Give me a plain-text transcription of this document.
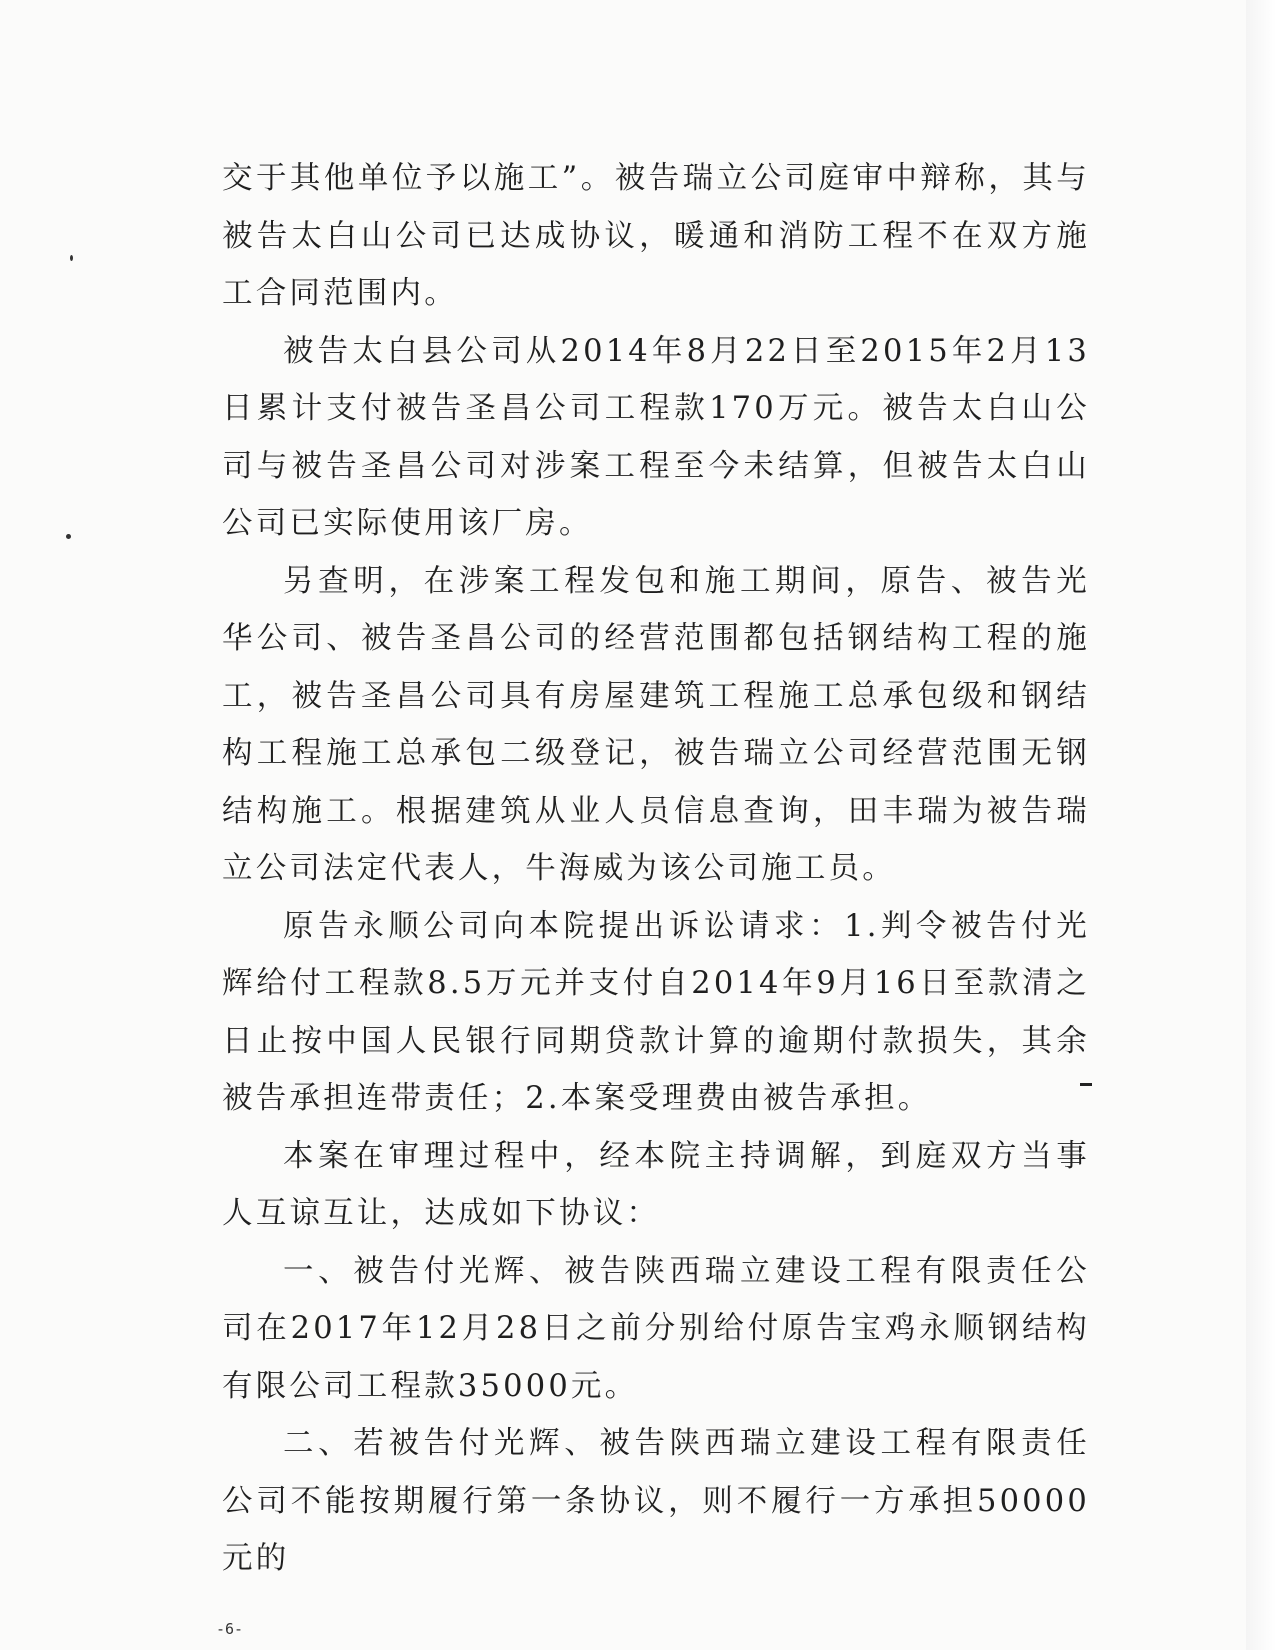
交于其他单位予以施工”。被告瑞立公司庭审中辩称，其与被告太白山公司已达成协议，暖通和消防工程不在双方施工合同范围内。

被告太白县公司从2014年8月22日至2015年2月13日累计支付被告圣昌公司工程款170万元。被告太白山公司与被告圣昌公司对涉案工程至今未结算，但被告太白山公司已实际使用该厂房。

另查明，在涉案工程发包和施工期间，原告、被告光华公司、被告圣昌公司的经营范围都包括钢结构工程的施工，被告圣昌公司具有房屋建筑工程施工总承包级和钢结构工程施工总承包二级登记，被告瑞立公司经营范围无钢结构施工。根据建筑从业人员信息查询，田丰瑞为被告瑞立公司法定代表人，牛海威为该公司施工员。

原告永顺公司向本院提出诉讼请求：1.判令被告付光辉给付工程款8.5万元并支付自2014年9月16日至款清之日止按中国人民银行同期贷款计算的逾期付款损失，其余被告承担连带责任；2.本案受理费由被告承担。

本案在审理过程中，经本院主持调解，到庭双方当事人互谅互让，达成如下协议：

一、被告付光辉、被告陕西瑞立建设工程有限责任公司在2017年12月28日之前分别给付原告宝鸡永顺钢结构有限公司工程款35000元。

二、若被告付光辉、被告陕西瑞立建设工程有限责任公司不能按期履行第一条协议，则不履行一方承担50000元的

-6-
